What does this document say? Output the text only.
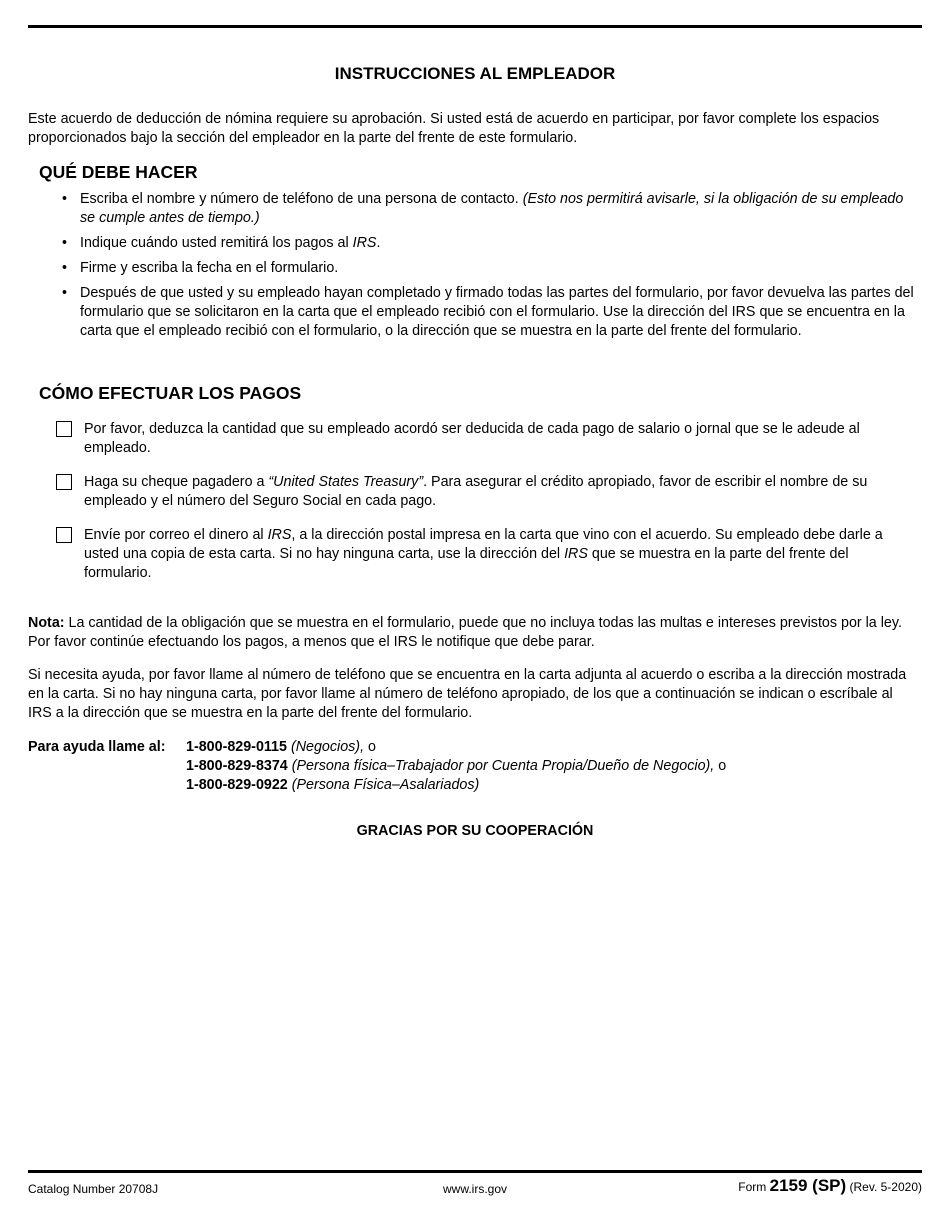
INSTRUCCIONES AL EMPLEADOR
Este acuerdo de deducción de nómina requiere su aprobación. Si usted está de acuerdo en participar, por favor complete los espacios proporcionados bajo la sección del empleador en la parte del frente de este formulario.
QUÉ DEBE HACER
• Escriba el nombre y número de teléfono de una persona de contacto. (Esto nos permitirá avisarle, si la obligación de su empleado se cumple antes de tiempo.)
• Indique cuándo usted remitirá los pagos al IRS.
• Firme y escriba la fecha en el formulario.
• Después de que usted y su empleado hayan completado y firmado todas las partes del formulario, por favor devuelva las partes del formulario que se solicitaron en la carta que el empleado recibió con el formulario. Use la dirección del IRS que se encuentra en la carta que el empleado recibió con el formulario, o la dirección que se muestra en la parte del frente del formulario.
CÓMO EFECTUAR LOS PAGOS
Por favor, deduzca la cantidad que su empleado acordó ser deducida de cada pago de salario o jornal que se le adeude al empleado.
Haga su cheque pagadero a “United States Treasury”. Para asegurar el crédito apropiado, favor de escribir el nombre de su empleado y el número del Seguro Social en cada pago.
Envíe por correo el dinero al IRS, a la dirección postal impresa en la carta que vino con el acuerdo. Su empleado debe darle a usted una copia de esta carta. Si no hay ninguna carta, use la dirección del IRS que se muestra en la parte del frente del formulario.
Nota: La cantidad de la obligación que se muestra en el formulario, puede que no incluya todas las multas e intereses previstos por la ley. Por favor continúe efectuando los pagos, a menos que el IRS le notifique que debe parar.
Si necesita ayuda, por favor llame al número de teléfono que se encuentra en la carta adjunta al acuerdo o escriba a la dirección mostrada en la carta. Si no hay ninguna carta, por favor llame al número de teléfono apropiado, de los que a continuación se indican o escríbale al IRS a la dirección que se muestra en la parte del frente del formulario.
Para ayuda llame al: 1-800-829-0115 (Negocios), o
1-800-829-8374 (Persona física–Trabajador por Cuenta Propia/Dueño de Negocio), o
1-800-829-0922 (Persona Física–Asalariados)
GRACIAS POR SU COOPERACIÓN
Catalog Number 20708J	www.irs.gov	Form 2159 (SP) (Rev. 5-2020)
